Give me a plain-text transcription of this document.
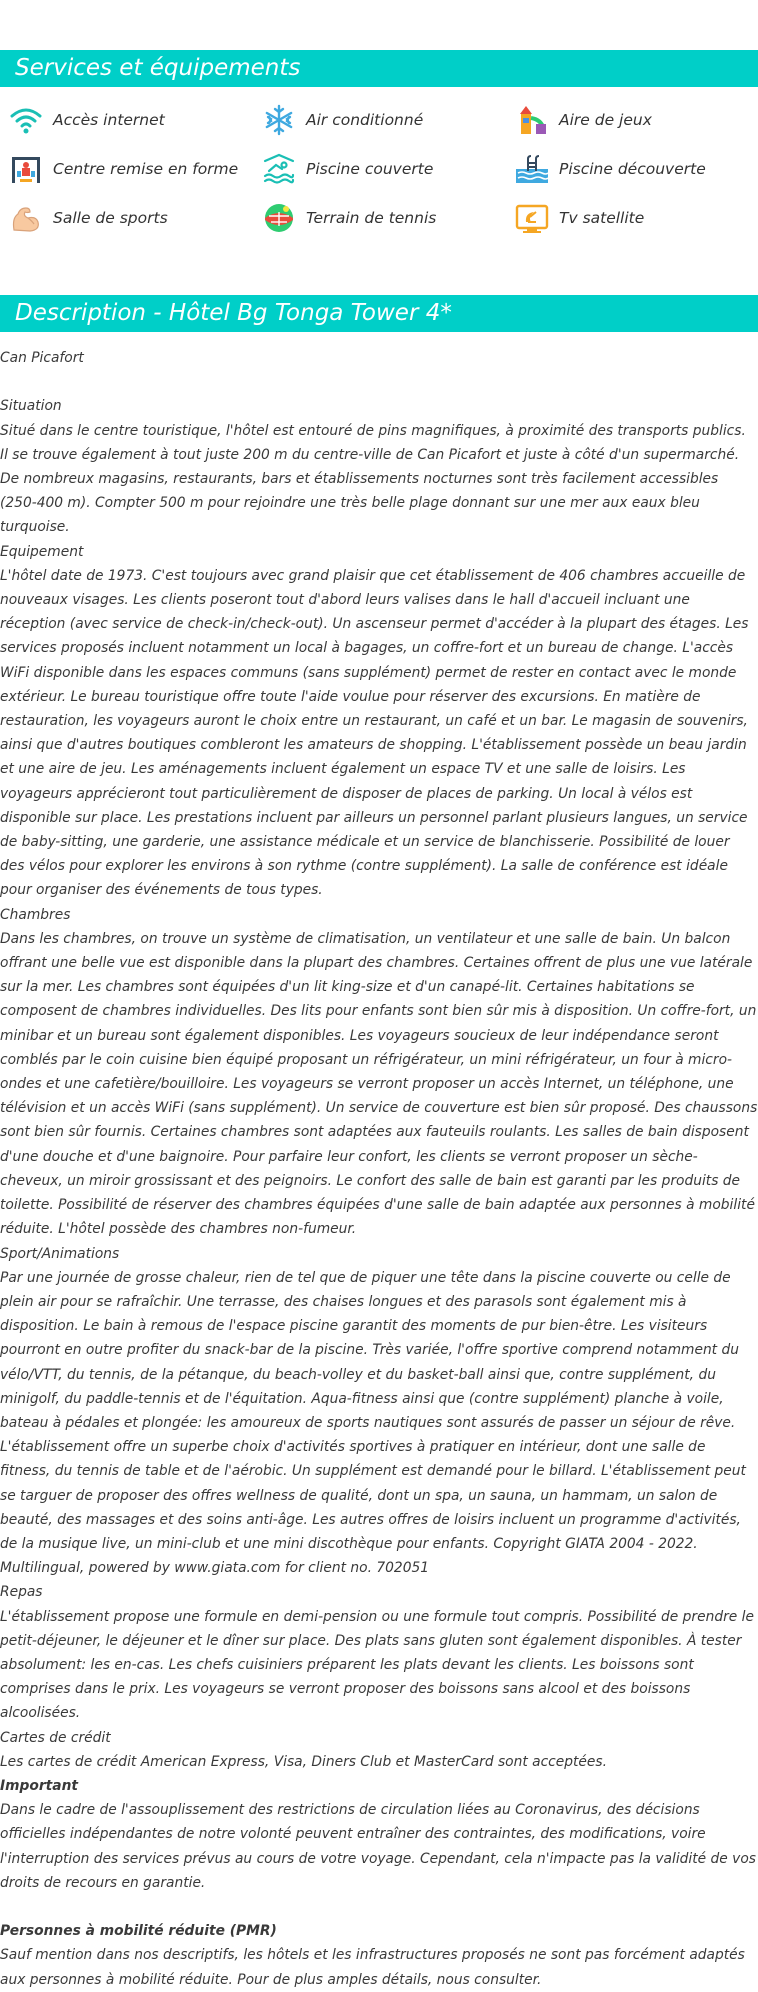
Services et équipements
Accès internet	Air conditionné	Aire de jeux
Centre remise en forme	Piscine couverte	Piscine découverte
Salle de sports	Terrain de tennis	Tv satellite
Description - Hôtel Bg Tonga Tower 4*

Can Picafort

Situation

Situé dans le centre touristique, l'hôtel est entouré de pins magnifiques, à proximité des transports publics. Il se trouve également à tout juste 200 m du centre-ville de Can Picafort et juste à côté d'un supermarché. De nombreux magasins, restaurants, bars et établissements nocturnes sont très facilement accessibles (250-400 m). Compter 500 m pour rejoindre une très belle plage donnant sur une mer aux eaux bleu turquoise.

Equipement

L'hôtel date de 1973. C'est toujours avec grand plaisir que cet établissement de 406 chambres accueille de nouveaux visages. Les clients poseront tout d'abord leurs valises dans le hall d'accueil incluant une réception (avec service de check-in/check-out). Un ascenseur permet d'accéder à la plupart des étages. Les services proposés incluent notamment un local à bagages, un coffre-fort et un bureau de change. L'accès WiFi disponible dans les espaces communs (sans supplément) permet de rester en contact avec le monde extérieur. Le bureau touristique offre toute l'aide voulue pour réserver des excursions. En matière de restauration, les voyageurs auront le choix entre un restaurant, un café et un bar. Le magasin de souvenirs, ainsi que d'autres boutiques combleront les amateurs de shopping. L'établissement possède un beau jardin et une aire de jeu. Les aménagements incluent également un espace TV et une salle de loisirs. Les voyageurs apprécieront tout particulièrement de disposer de places de parking. Un local à vélos est disponible sur place. Les prestations incluent par ailleurs un personnel parlant plusieurs langues, un service de baby-sitting, une garderie, une assistance médicale et un service de blanchisserie. Possibilité de louer des vélos pour explorer les environs à son rythme (contre supplément). La salle de conférence est idéale pour organiser des événements de tous types.

Chambres

Dans les chambres, on trouve un système de climatisation, un ventilateur et une salle de bain. Un balcon offrant une belle vue est disponible dans la plupart des chambres. Certaines offrent de plus une vue latérale sur la mer. Les chambres sont équipées d'un lit king-size et d'un canapé-lit. Certaines habitations se composent de chambres individuelles. Des lits pour enfants sont bien sûr mis à disposition. Un coffre-fort, un minibar et un bureau sont également disponibles. Les voyageurs soucieux de leur indépendance seront comblés par le coin cuisine bien équipé proposant un réfrigérateur, un mini réfrigérateur, un four à micro-ondes et une cafetière/bouilloire. Les voyageurs se verront proposer un accès Internet, un téléphone, une télévision et un accès WiFi (sans supplément). Un service de couverture est bien sûr proposé. Des chaussons sont bien sûr fournis. Certaines chambres sont adaptées aux fauteuils roulants. Les salles de bain disposent d'une douche et d'une baignoire. Pour parfaire leur confort, les clients se verront proposer un sèche-cheveux, un miroir grossissant et des peignoirs. Le confort des salle de bain est garanti par les produits de toilette. Possibilité de réserver des chambres équipées d'une salle de bain adaptée aux personnes à mobilité réduite. L'hôtel possède des chambres non-fumeur.

Sport/Animations

Par une journée de grosse chaleur, rien de tel que de piquer une tête dans la piscine couverte ou celle de plein air pour se rafraîchir. Une terrasse, des chaises longues et des parasols sont également mis à disposition. Le bain à remous de l'espace piscine garantit des moments de pur bien-être. Les visiteurs pourront en outre profiter du snack-bar de la piscine. Très variée, l'offre sportive comprend notamment du vélo/VTT, du tennis, de la pétanque, du beach-volley et du basket-ball ainsi que, contre supplément, du minigolf, du paddle-tennis et de l'équitation. Aqua-fitness ainsi que (contre supplément) planche à voile, bateau à pédales et plongée: les amoureux de sports nautiques sont assurés de passer un séjour de rêve. L'établissement offre un superbe choix d'activités sportives à pratiquer en intérieur, dont une salle de fitness, du tennis de table et de l'aérobic. Un supplément est demandé pour le billard. L'établissement peut se targuer de proposer des offres wellness de qualité, dont un spa, un sauna, un hammam, un salon de beauté, des massages et des soins anti-âge. Les autres offres de loisirs incluent un programme d'activités, de la musique live, un mini-club et une mini discothèque pour enfants. Copyright GIATA 2004 - 2022. Multilingual, powered by www.giata.com for client no. 702051

Repas

L'établissement propose une formule en demi-pension ou une formule tout compris. Possibilité de prendre le petit-déjeuner, le déjeuner et le dîner sur place. Des plats sans gluten sont également disponibles. À tester absolument: les en-cas. Les chefs cuisiniers préparent les plats devant les clients. Les boissons sont comprises dans le prix. Les voyageurs se verront proposer des boissons sans alcool et des boissons alcoolisées.

Cartes de crédit

Les cartes de crédit American Express, Visa, Diners Club et MasterCard sont acceptées.

Important

Dans le cadre de l'assouplissement des restrictions de circulation liées au Coronavirus, des décisions officielles indépendantes de notre volonté peuvent entraîner des contraintes, des modifications, voire l'interruption des services prévus au cours de votre voyage. Cependant, cela n'impacte pas la validité de vos droits de recours en garantie.

Personnes à mobilité réduite (PMR)

Sauf mention dans nos descriptifs, les hôtels et les infrastructures proposés ne sont pas forcément adaptés aux personnes à mobilité réduite. Pour de plus amples détails, nous consulter.
